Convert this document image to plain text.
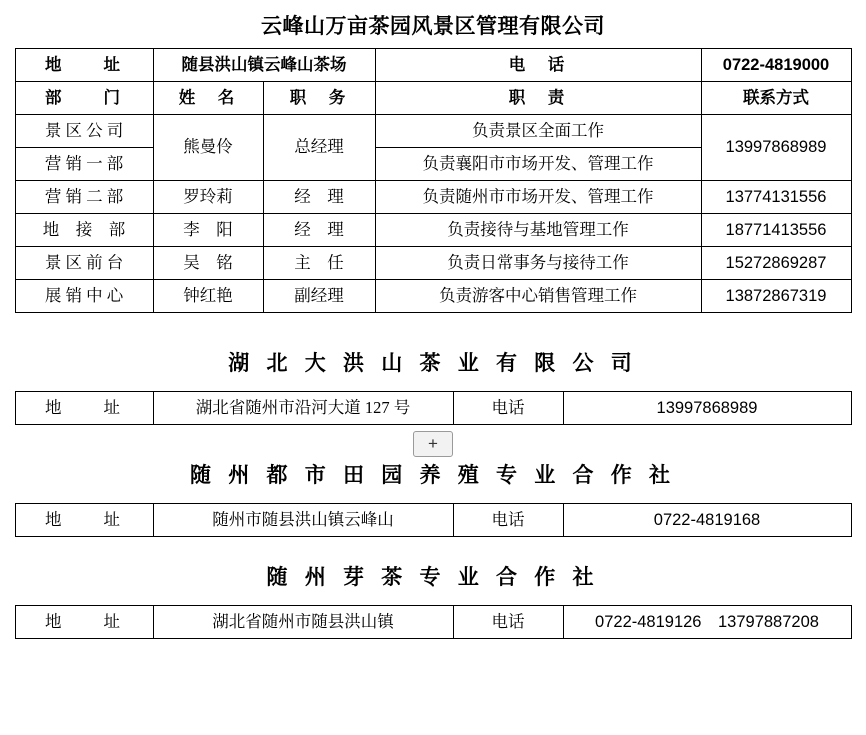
云峰山万亩茶园风景区管理有限公司
地　　址	随县洪山镇云峰山茶场		电　话	0722-4819000
部　　门	姓　名	职　务	职　责	联系方式
景 区 公 司	熊曼伶	总经理	负责景区全面工作	13997868989
营 销 一 部			负责襄阳市市场开发、管理工作	
营 销 二 部	罗玲莉	经　理	负责随州市市场开发、管理工作	13774131556
地　接　部	李　阳	经　理	负责接待与基地管理工作	18771413556
景 区 前 台	吴　铭	主　任	负责日常事务与接待工作	15272869287
展 销 中 心	钟红艳	副经理	负责游客中心销售管理工作	13872867319
湖 北 大 洪 山 茶 业 有 限 公 司
地　　址	湖北省随州市沿河大道 127 号	电话	13997868989
+
随 州 都 市 田 园 养 殖 专 业 合 作 社
地　　址	随州市随县洪山镇云峰山	电话	0722-4819168
随 州 芽 茶 专 业 合 作 社
地　　址	湖北省随州市随县洪山镇	电话	0722-4819126　13797887208
